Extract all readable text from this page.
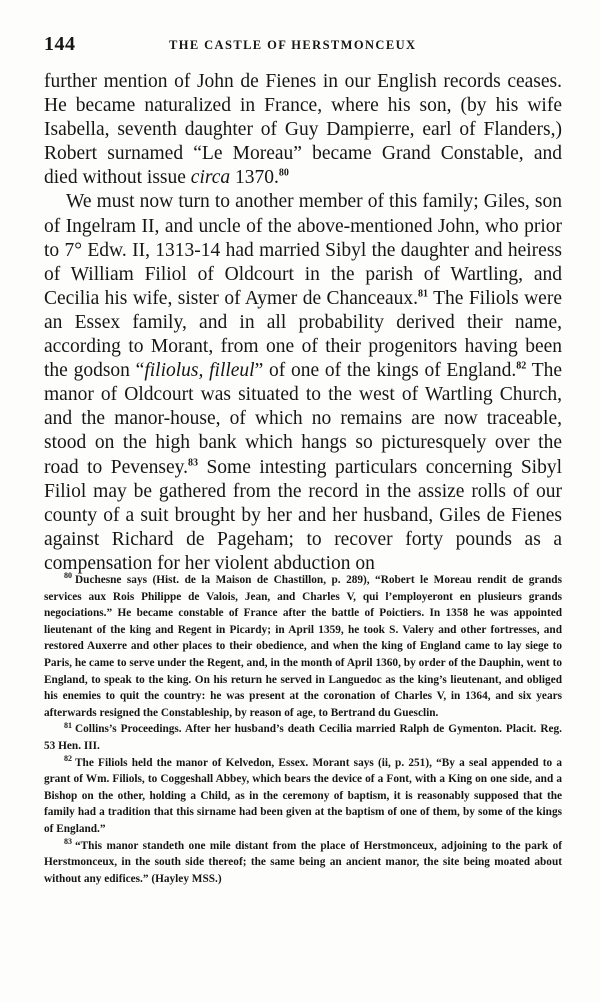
144	THE CASTLE OF HERSTMONCEUX

further mention of John de Fienes in our English records ceases. He became naturalized in France, where his son, (by his wife Isabella, seventh daughter of Guy Dampierre, earl of Flanders,) Robert surnamed “Le Moreau” became Grand Constable, and died without issue circa 1370.80

We must now turn to another member of this family; Giles, son of Ingelram II, and uncle of the above-mentioned John, who prior to 7° Edw. II, 1313-14 had married Sibyl the daughter and heiress of William Filiol of Oldcourt in the parish of Wartling, and Cecilia his wife, sister of Aymer de Chanceaux.$^{81}$ The Filiols were an Essex family, and in all probability derived their name, according to Morant, from one of their progenitors having been the godson “filiolus, filleul” of one of the kings of England.$^{82}$ The manor of Oldcourt was situated to the west of Wartling Church, and the manor-house, of which no remains are now traceable, stood on the high bank which hangs so picturesquely over the road to Pevensey.$^{83}$ Some intesting particulars concerning Sibyl Filiol may be gathered from the record in the assize rolls of our county of a suit brought by her and her husband, Giles de Fienes against Richard de Pageham; to recover forty pounds as a compensation for her violent abduction on

$^{80}$ Duchesne says (Hist. de la Maison de Chastillon, p. 289), “Robert le Moreau rendit de grands services aux Rois Philippe de Valois, Jean, and Charles V, qui l’employeront en plusieurs grands negociations.” He became constable of France after the battle of Poictiers. In 1358 he was appointed lieutenant of the king and Regent in Picardy; in April 1359, he took S. Valery and other fortresses, and restored Auxerre and other places to their obedience, and when the king of England came to lay siege to Paris, he came to serve under the Regent, and, in the month of April 1360, by order of the Dauphin, went to England, to speak to the king. On his return he served in Languedoc as the king’s lieutenant, and obliged his enemies to quit the country: he was present at the coronation of Charles V, in 1364, and six years afterwards resigned the Constableship, by reason of age, to Bertrand du Guesclin.

$^{81}$ Collins’s Proceedings. After her husband’s death Cecilia married Ralph de Gymenton. Placit. Reg. 53 Hen. III.

$^{82}$ The Filiols held the manor of Kelvedon, Essex. Morant says (ii, p. 251), “By a seal appended to a grant of Wm. Filiols, to Coggeshall Abbey, which bears the device of a Font, with a King on one side, and a Bishop on the other, holding a Child, as in the ceremony of baptism, it is reasonably supposed that the family had a tradition that this sirname had been given at the baptism of one of them, by some of the kings of England.”

$^{83}$ “This manor standeth one mile distant from the place of Herstmonceux, adjoining to the park of Herstmonceux, in the south side thereof; the same being an ancient manor, the site being moated about without any edifices.” (Hayley MSS.)
